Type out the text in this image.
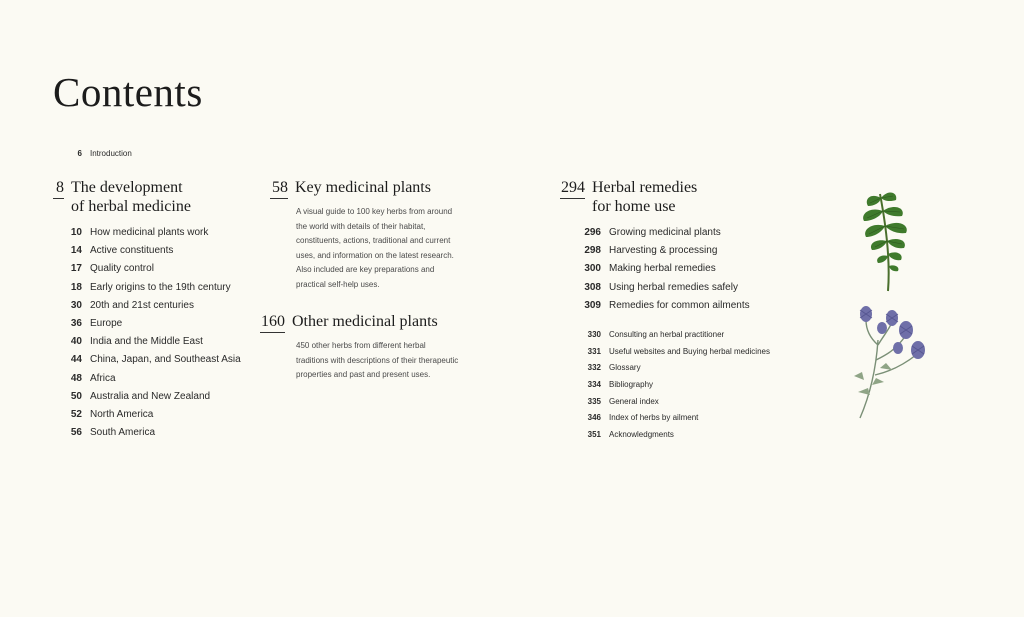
Contents
6 Introduction
8 The development
of herbal medicine
10 How medicinal plants work
14 Active constituents
17 Quality control
18 Early origins to the 19th century
30 20th and 21st centuries
36 Europe
40 India and the Middle East
44 China, Japan, and Southeast Asia
48 Africa
50 Australia and New Zealand
52 North America
56 South America
58 Key medicinal plants
A visual guide to 100 key herbs from around
the world with details of their habitat,
constituents, actions, traditional and current
uses, and information on the latest research.
Also included are key preparations and
practical self-help uses.
160 Other medicinal plants
450 other herbs from different herbal
traditions with descriptions of their therapeutic
properties and past and present uses.
294 Herbal remedies
for home use
296 Growing medicinal plants
298 Harvesting & processing
300 Making herbal remedies
308 Using herbal remedies safely
309 Remedies for common ailments
330 Consulting an herbal practitioner
331 Useful websites and Buying herbal medicines
332 Glossary
334 Bibliography
335 General index
346 Index of herbs by ailment
351 Acknowledgments
